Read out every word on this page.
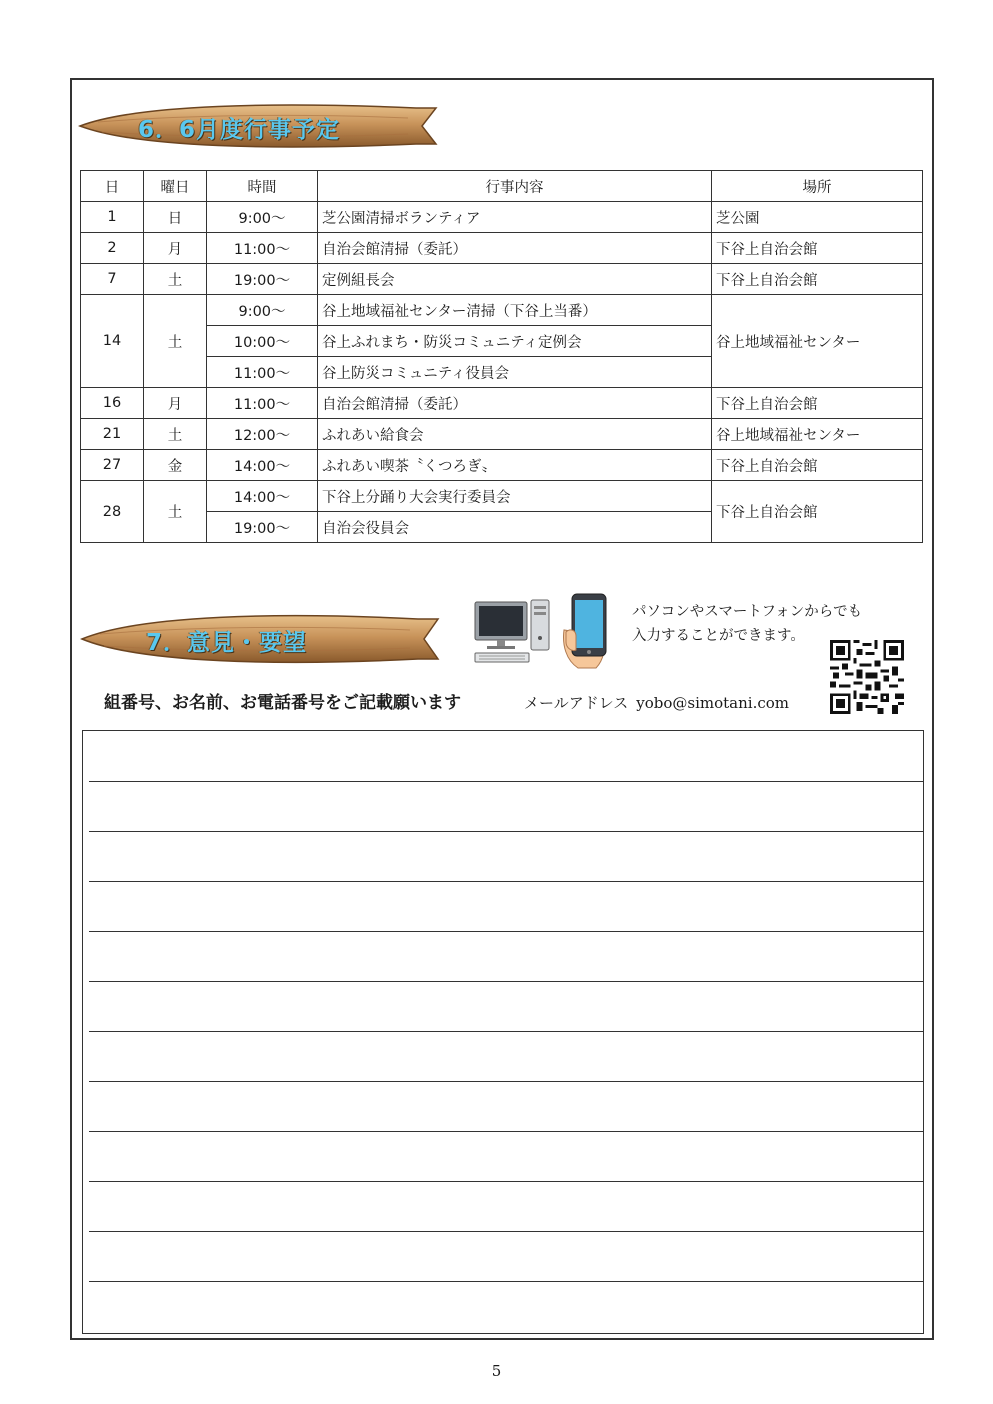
6．6月度行事予定
日	曜日	時間	行事内容	場所
1	日	9:00～	芝公園清掃ボランティア	芝公園
2	月	11:00～	自治会館清掃（委託）	下谷上自治会館
7	土	19:00～	定例組長会	下谷上自治会館
14	土	9:00～	谷上地域福祉センター清掃（下谷上当番）	谷上地域福祉センター
		10:00～	谷上ふれまち・防災コミュニティ定例会	
		11:00～	谷上防災コミュニティ役員会	
16	月	11:00～	自治会館清掃（委託）	下谷上自治会館
21	土	12:00～	ふれあい給食会	谷上地域福祉センター
27	金	14:00～	ふれあい喫茶〝くつろぎ〟	下谷上自治会館
28	土	14:00～	下谷上分踊り大会実行委員会	下谷上自治会館
		19:00～	自治会役員会	
7．意見・要望
パソコンやスマートフォンからでも
入力することができます。
組番号、お名前、お電話番号をご記載願います	メールアドレス yobo@simotani.com
5
